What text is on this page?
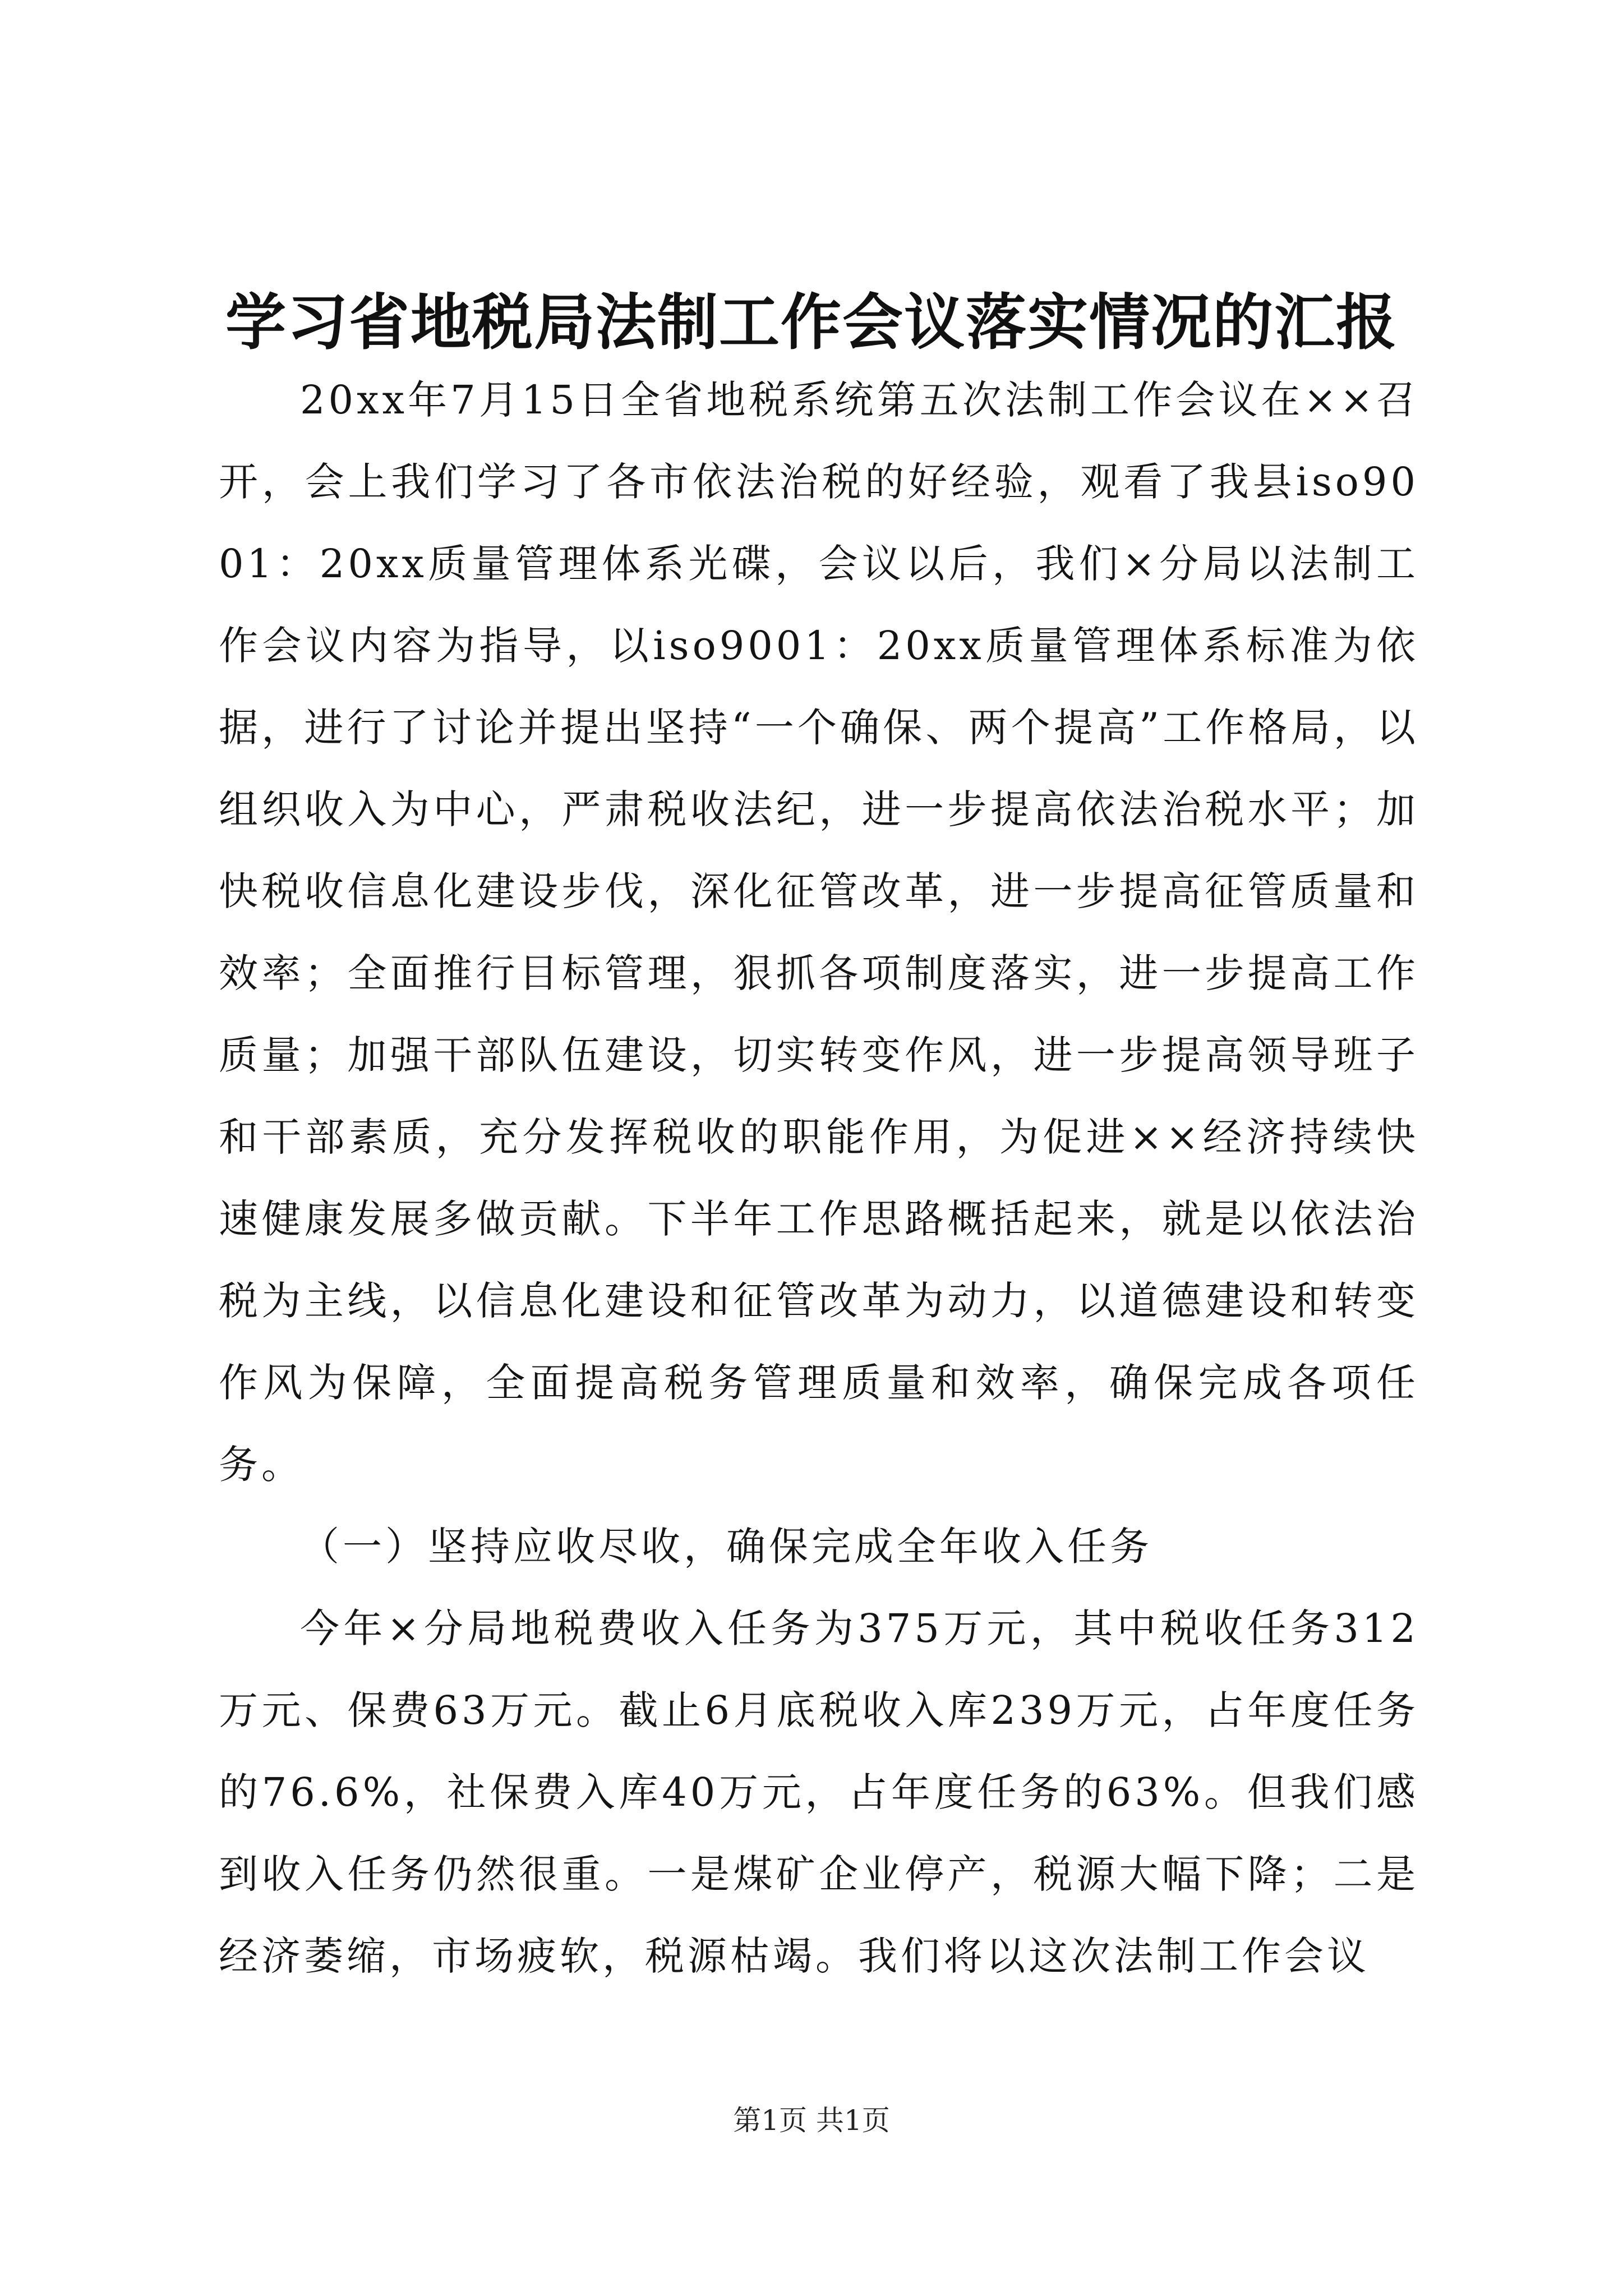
学习省地税局法制工作会议落实情况的汇报

20xx年7月15日全省地税系统第五次法制工作会议在××召开，会上我们学习了各市依法治税的好经验，观看了我县iso9001：20xx质量管理体系光碟，会议以后，我们×分局以法制工作会议内容为指导，以iso9001：20xx质量管理体系标准为依据，进行了讨论并提出坚持“一个确保、两个提高”工作格局，以组织收入为中心，严肃税收法纪，进一步提高依法治税水平；加快税收信息化建设步伐，深化征管改革，进一步提高征管质量和效率；全面推行目标管理，狠抓各项制度落实，进一步提高工作质量；加强干部队伍建设，切实转变作风，进一步提高领导班子和干部素质，充分发挥税收的职能作用，为促进××经济持续快速健康发展多做贡献。下半年工作思路概括起来，就是以依法治税为主线，以信息化建设和征管改革为动力，以道德建设和转变作风为保障，全面提高税务管理质量和效率，确保完成各项任务。

（一）坚持应收尽收，确保完成全年收入任务

今年×分局地税费收入任务为375万元，其中税收任务312万元、保费63万元。截止6月底税收入库239万元，占年度任务的76.6%，社保费入库40万元，占年度任务的63%。但我们感到收入任务仍然很重。一是煤矿企业停产，税源大幅下降；二是经济萎缩，市场疲软，税源枯竭。我们将以这次法制工作会议

第1页 共1页
